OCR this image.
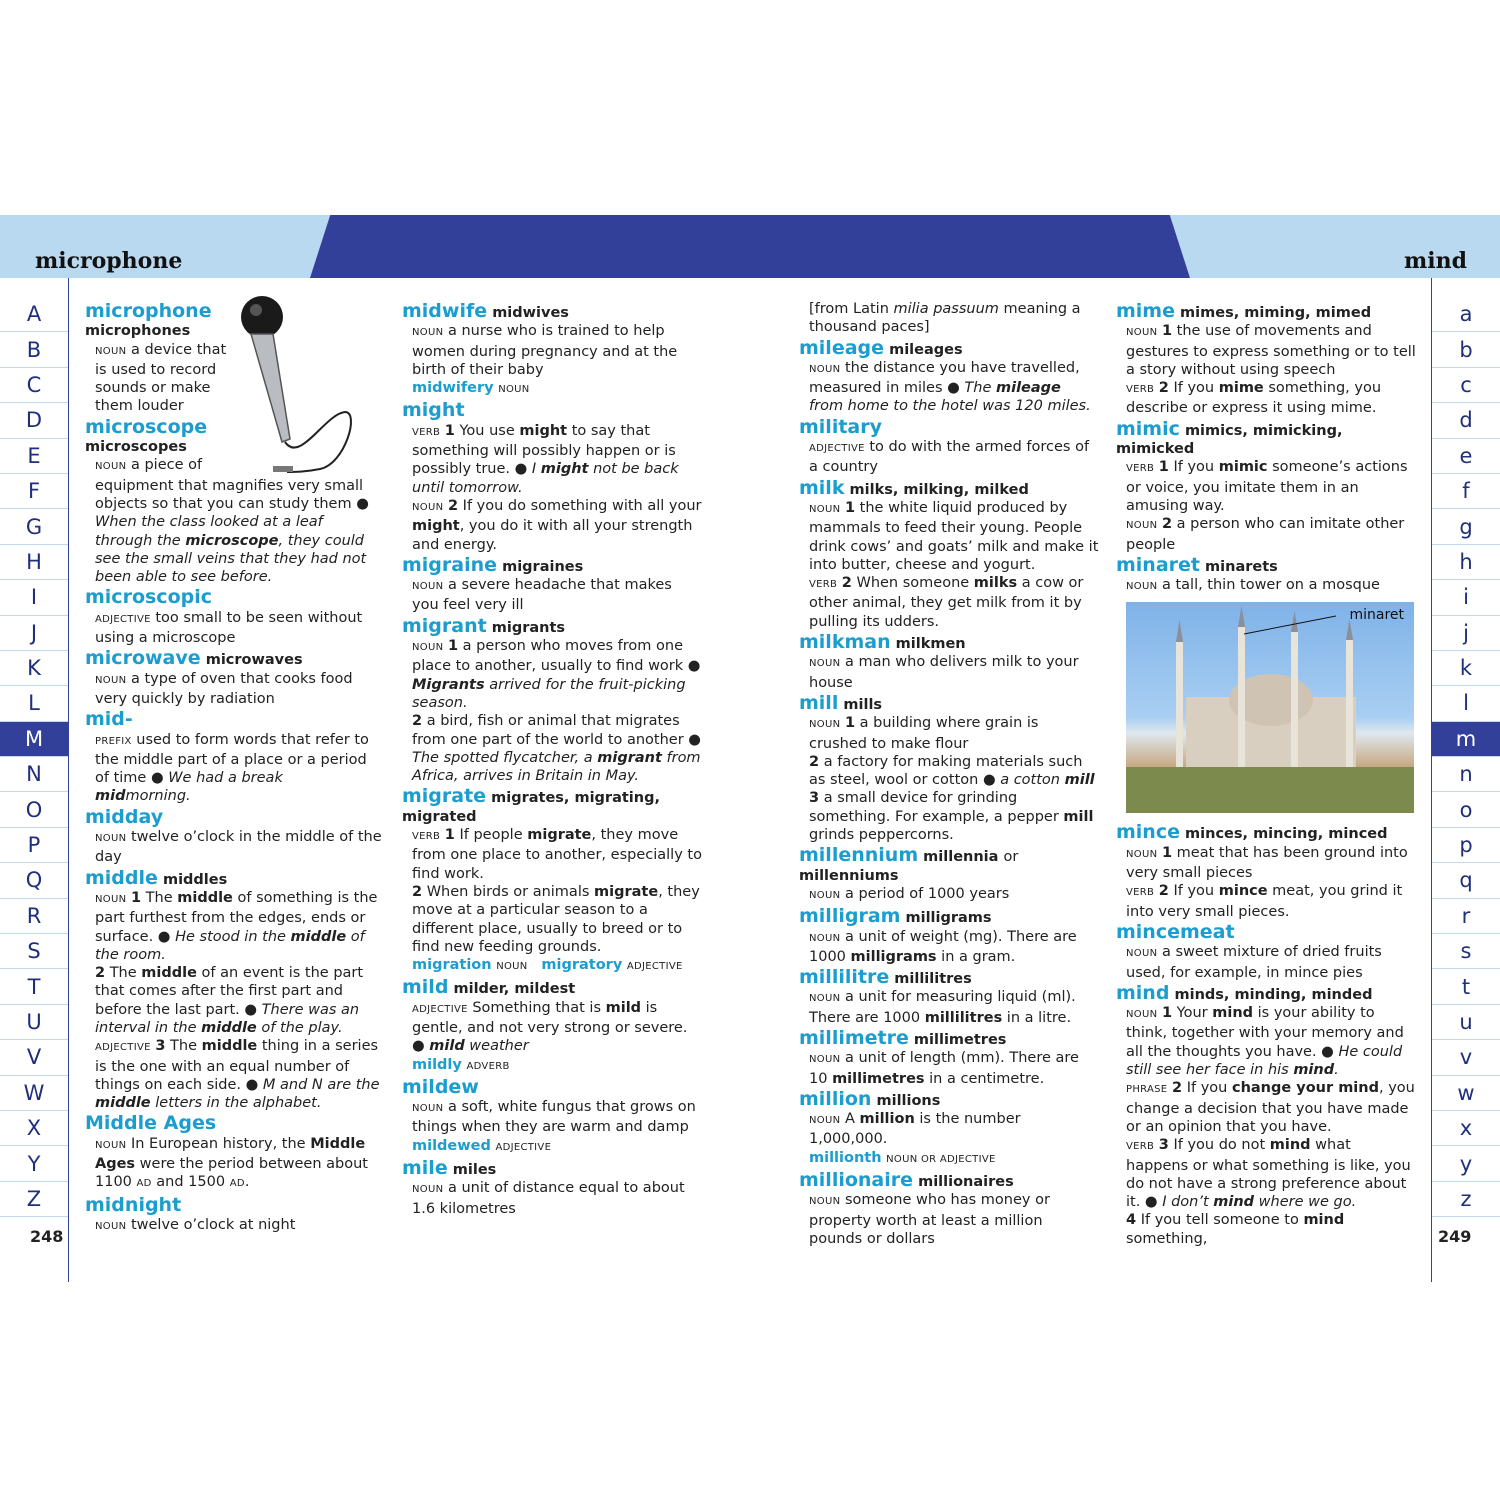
microphone	mind
A
B
C
D
E
F
G
H
I
J
K
L
M
N
O
P
Q
R
S
T
U
V
W
X
Y
Z
a
b
c
d
e
f
g
h
i
j
k
l
m
n
o
p
q
r
s
t
u
v
w
x
y
z
248	249
microphone microphones
NOUN a device that is used to record sounds or make them louder
microscope microscopes
NOUN a piece of equipment that magnifies very small objects so that you can study them ● When the class looked at a leaf through the microscope, they could see the small veins that they had not been able to see before.
microscopic
ADJECTIVE too small to be seen without using a microscope
microwave microwaves
NOUN a type of oven that cooks food very quickly by radiation
mid-
PREFIX used to form words that refer to the middle part of a place or a period of time ● We had a break midmorning.
midday
NOUN twelve o’clock in the middle of the day
middle middles
NOUN 1 The middle of something is the part furthest from the edges, ends or surface. ● He stood in the middle of the room.
2 The middle of an event is the part that comes after the first part and before the last part. ● There was an interval in the middle of the play.
ADJECTIVE 3 The middle thing in a series is the one with an equal number of things on each side. ● M and N are the middle letters in the alphabet.
Middle Ages
NOUN In European history, the Middle Ages were the period between about 1100 AD and 1500 AD.
midnight
NOUN twelve o’clock at night
midwife midwives
NOUN a nurse who is trained to help women during pregnancy and at the birth of their baby
midwifery NOUN
might
VERB 1 You use might to say that something will possibly happen or is possibly true. ● I might not be back until tomorrow.
NOUN 2 If you do something with all your might, you do it with all your strength and energy.
migraine migraines
NOUN a severe headache that makes you feel very ill
migrant migrants
NOUN 1 a person who moves from one place to another, usually to find work ● Migrants arrived for the fruit-picking season.
2 a bird, fish or animal that migrates from one part of the world to another ● The spotted flycatcher, a migrant from Africa, arrives in Britain in May.
migrate migrates, migrating, migrated
VERB 1 If people migrate, they move from one place to another, especially to find work.
2 When birds or animals migrate, they move at a particular season to a different place, usually to breed or to find new feeding grounds.
migration NOUN migratory ADJECTIVE
mild milder, mildest
ADJECTIVE Something that is mild is gentle, and not very strong or severe. ● mild weather
mildly ADVERB
mildew
NOUN a soft, white fungus that grows on things when they are warm and damp
mildewed ADJECTIVE
mile miles
NOUN a unit of distance equal to about 1.6 kilometres
[from Latin milia passuum meaning a thousand paces]
mileage mileages
NOUN the distance you have travelled, measured in miles ● The mileage from home to the hotel was 120 miles.
military
ADJECTIVE to do with the armed forces of a country
milk milks, milking, milked
NOUN 1 the white liquid produced by mammals to feed their young. People drink cows’ and goats’ milk and make it into butter, cheese and yogurt.
VERB 2 When someone milks a cow or other animal, they get milk from it by pulling its udders.
milkman milkmen
NOUN a man who delivers milk to your house
mill mills
NOUN 1 a building where grain is crushed to make flour
2 a factory for making materials such as steel, wool or cotton ● a cotton mill
3 a small device for grinding something. For example, a pepper mill grinds peppercorns.
millennium millennia or millenniums
NOUN a period of 1000 years
milligram milligrams
NOUN a unit of weight (mg). There are 1000 milligrams in a gram.
millilitre millilitres
NOUN a unit for measuring liquid (ml). There are 1000 millilitres in a litre.
millimetre millimetres
NOUN a unit of length (mm). There are 10 millimetres in a centimetre.
million millions
NOUN A million is the number 1,000,000.
millionth NOUN OR ADJECTIVE
millionaire millionaires
NOUN someone who has money or property worth at least a million pounds or dollars
mime mimes, miming, mimed
NOUN 1 the use of movements and gestures to express something or to tell a story without using speech
VERB 2 If you mime something, you describe or express it using mime.
mimic mimics, mimicking, mimicked
VERB 1 If you mimic someone’s actions or voice, you imitate them in an amusing way.
NOUN 2 a person who can imitate other people
minaret minarets
NOUN a tall, thin tower on a mosque
minaret
mince minces, mincing, minced
NOUN 1 meat that has been ground into very small pieces
VERB 2 If you mince meat, you grind it into very small pieces.
mincemeat
NOUN a sweet mixture of dried fruits used, for example, in mince pies
mind minds, minding, minded
NOUN 1 Your mind is your ability to think, together with your memory and all the thoughts you have. ● He could still see her face in his mind.
PHRASE 2 If you change your mind, you change a decision that you have made or an opinion that you have.
VERB 3 If you do not mind what happens or what something is like, you do not have a strong preference about it. ● I don’t mind where we go.
4 If you tell someone to mind something,
